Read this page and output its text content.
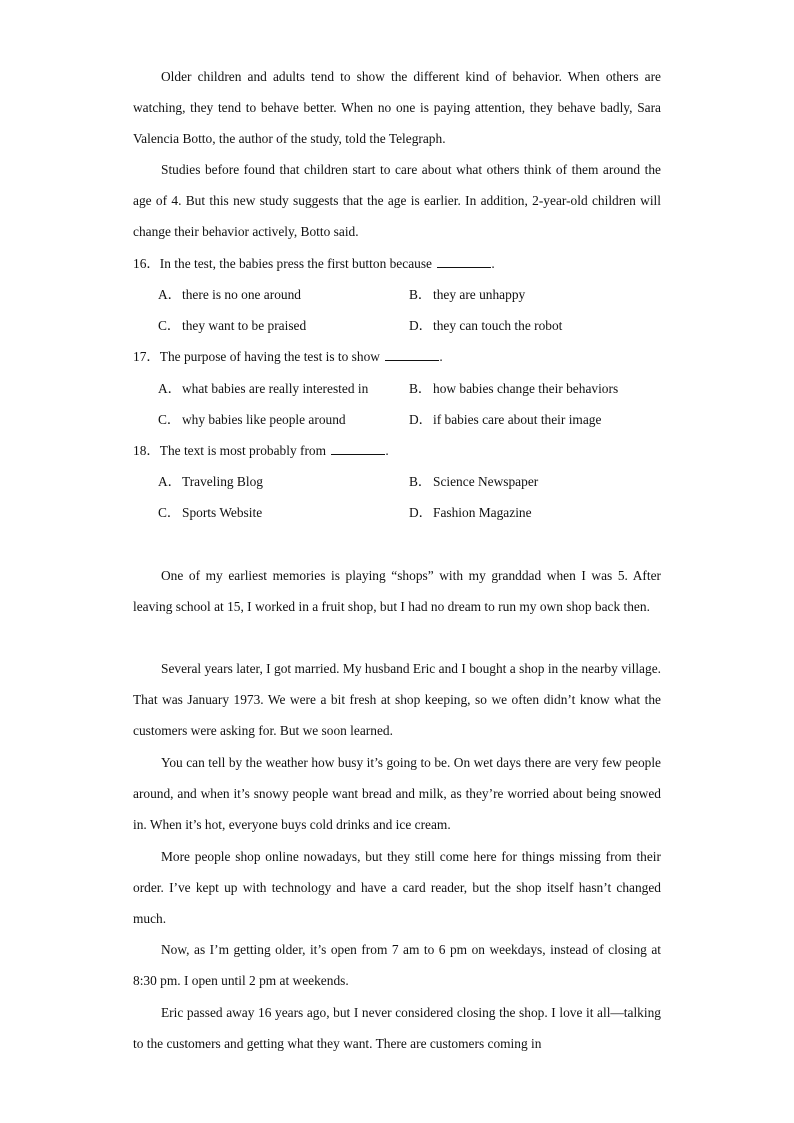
Older children and adults tend to show the different kind of behavior. When others are watching, they tend to behave better. When no one is paying attention, they behave badly, Sara Valencia Botto, the author of the study, told the Telegraph.

Studies before found that children start to care about what others think of them around the age of 4. But this new study suggests that the age is earlier. In addition, 2-year-old children will change their behavior actively, Botto said.

16．In the test, the babies press the first button because	.

A．there is no one around	B． they are unhappy

C． they want to be praised	D．they can touch the robot

17．The purpose of having the test is to show	.

A．what babies are really interested in	B． how babies change their behaviors

C． why babies like people around	D．if babies care about their image

18．The text is most probably from	.

A．Traveling Blog	B． Science Newspaper

C． Sports Website	D．Fashion Magazine

One of my earliest memories is playing “shops” with my granddad when I was 5. After leaving school at 15, I worked in a fruit shop, but I had no dream to run my own shop back then.

Several years later, I got married. My husband Eric and I bought a shop in the nearby village. That was January 1973. We were a bit fresh at shop keeping, so we often didn’t know what the customers were asking for. But we soon learned.

You can tell by the weather how busy it’s going to be. On wet days there are very few people around, and when it’s snowy people want bread and milk, as they’re worried about being snowed in. When it’s hot, everyone buys cold drinks and ice cream.

More people shop online nowadays, but they still come here for things missing from their order. I’ve kept up with technology and have a card reader, but the shop itself hasn’t changed much.

Now, as I’m getting older, it’s open from 7 am to 6 pm on weekdays, instead of closing at 8:30 pm. I open until 2 pm at weekends.

Eric passed away 16 years ago, but I never considered closing the shop. I love it all—talking to the customers and getting what they want. There are customers coming in
